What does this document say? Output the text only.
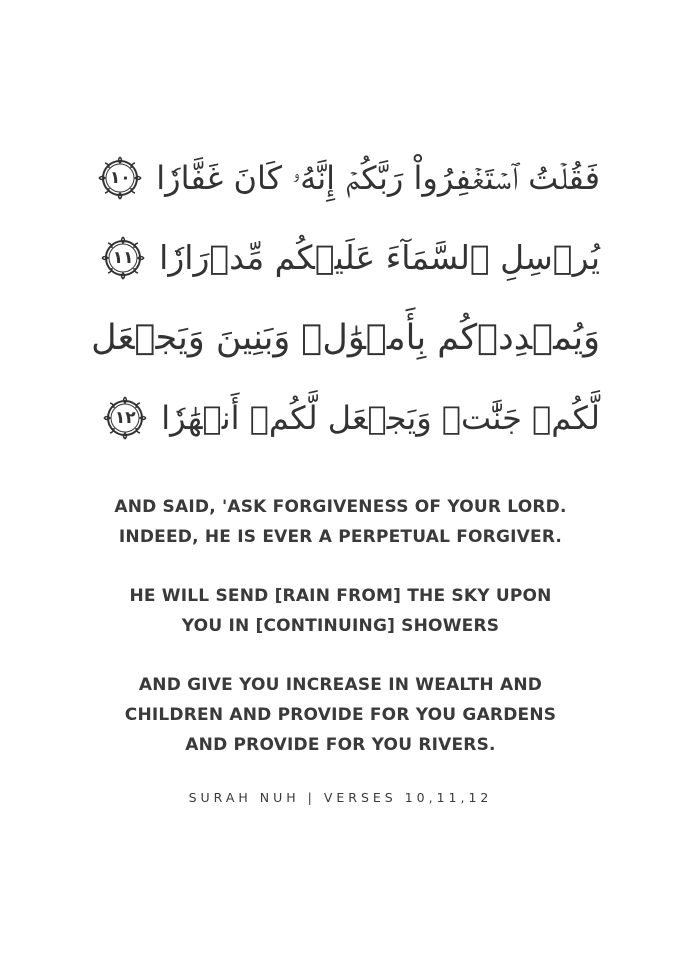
فَقُلۡتُ ٱسۡتَغۡفِرُواْ رَبَّكُمۡ إِنَّهُۥ كَانَ غَفَّارٗا
١٠
يُرۡسِلِ ٱلسَّمَآءَ عَلَيۡكُم مِّدۡرَارٗا
١١
وَيُمۡدِدۡكُم بِأَمۡوَٰلٖ وَبَنِينَ وَيَجۡعَل
لَّكُمۡ جَنَّٰتٖ وَيَجۡعَل لَّكُمۡ أَنۡهَٰرٗا
١٢

AND SAID, 'ASK FORGIVENESS OF YOUR LORD.
INDEED, HE IS EVER A PERPETUAL FORGIVER.

HE WILL SEND [RAIN FROM] THE SKY UPON
YOU IN [CONTINUING] SHOWERS

AND GIVE YOU INCREASE IN WEALTH AND
CHILDREN AND PROVIDE FOR YOU GARDENS
AND PROVIDE FOR YOU RIVERS.

SURAH NUH | VERSES 10,11,12
